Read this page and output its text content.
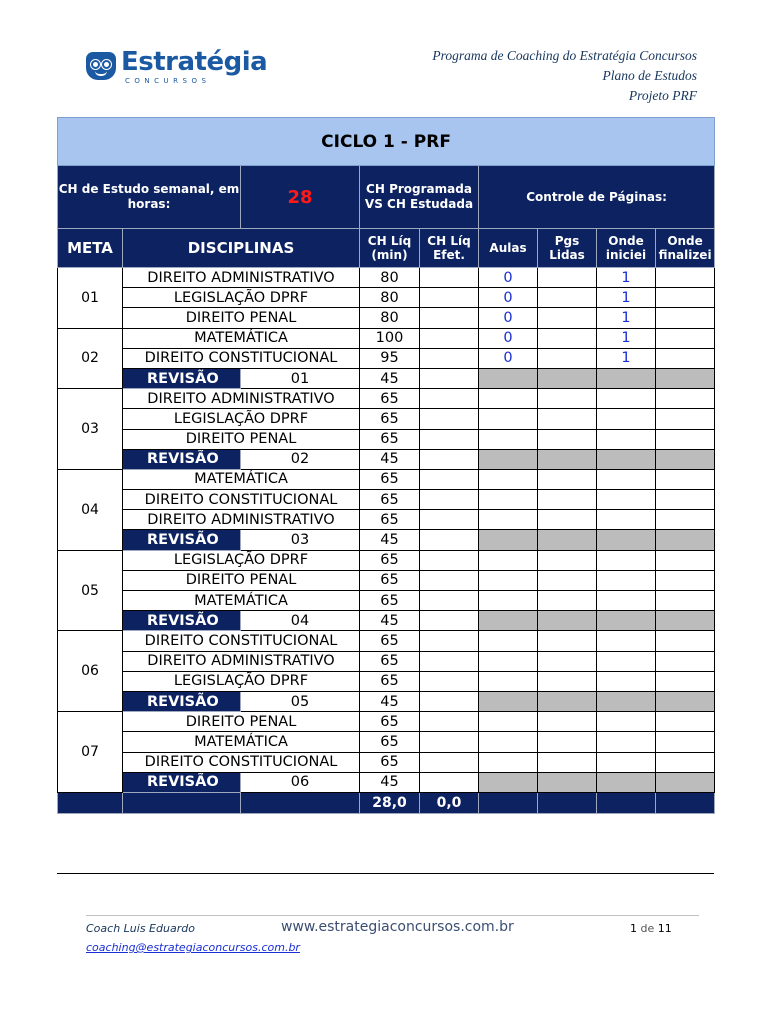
Estratégia
CONCURSOS
Programa de Coaching do Estratégia Concursos
Plano de Estudos
Projeto PRF
CICLO 1 - PRF								
CH de Estudo semanal, em horas:		28	CH Programada VS CH Estudada		Controle de Páginas:			
META	DISCIPLINAS		CH Líq (min)	CH Líq Efet.	Aulas	Pgs Lidas	Onde iniciei	Onde finalizei
01	DIREITO ADMINISTRATIVO		80		0		1	
	LEGISLAÇÃO DPRF		80		0		1	
	DIREITO PENAL		80		0		1	
02	MATEMÁTICA		100		0		1	
	DIREITO CONSTITUCIONAL		95		0		1	
	REVISÃO	01	45					
03	DIREITO ADMINISTRATIVO		65					
	LEGISLAÇÃO DPRF		65					
	DIREITO PENAL		65					
	REVISÃO	02	45					
04	MATEMÁTICA		65					
	DIREITO CONSTITUCIONAL		65					
	DIREITO ADMINISTRATIVO		65					
	REVISÃO	03	45					
05	LEGISLAÇÃO DPRF		65					
	DIREITO PENAL		65					
	MATEMÁTICA		65					
	REVISÃO	04	45					
06	DIREITO CONSTITUCIONAL		65					
	DIREITO ADMINISTRATIVO		65					
	LEGISLAÇÃO DPRF		65					
	REVISÃO	05	45					
07	DIREITO PENAL		65					
	MATEMÁTICA		65					
	DIREITO CONSTITUCIONAL		65					
	REVISÃO	06	45					
			28,0	0,0				
Coach Luis Eduardo	www.estrategiaconcursos.com.br	1 de 11
coaching@estrategiaconcursos.com.br
